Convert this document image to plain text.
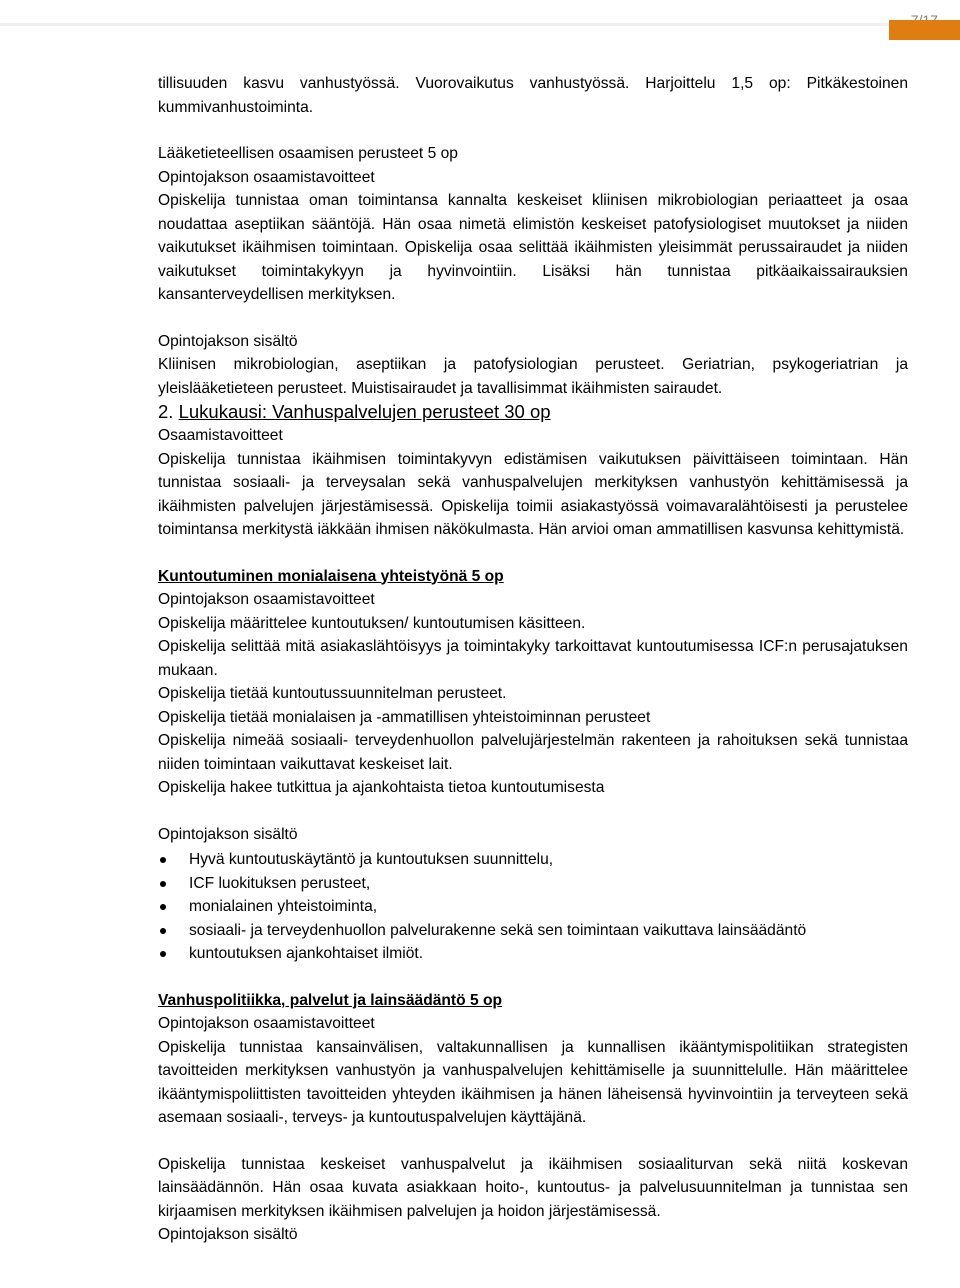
tillisuuden kasvu vanhustyössä. Vuorovaikutus vanhustyössä. Harjoittelu 1,5 op: Pitkäkestoinen kummivanhustoiminta.

Lääketieteellisen osaamisen perusteet 5 op

Opintojakson osaamistavoitteet

Opiskelija tunnistaa oman toimintansa kannalta keskeiset kliinisen mikrobiologian periaatteet ja osaa noudattaa aseptiikan sääntöjä. Hän osaa nimetä elimistön keskeiset patofysiologiset muutokset ja niiden vaikutukset ikäihmisen toimintaan. Opiskelija osaa selittää ikäihmisten yleisimmät perussairaudet ja niiden vaikutukset toimintakykyyn ja hyvinvointiin. Lisäksi hän tunnistaa pitkäaikaissairauksien kansanterveydellisen merkityksen.

Opintojakson sisältö

Kliinisen mikrobiologian, aseptiikan ja patofysiologian perusteet. Geriatrian, psykogeriatrian ja yleislääketieteen perusteet. Muistisairaudet ja tavallisimmat ikäihmisten sairaudet.

2. Lukukausi: Vanhuspalvelujen perusteet 30 op

Osaamistavoitteet

Opiskelija tunnistaa ikäihmisen toimintakyvyn edistämisen vaikutuksen päivittäiseen toimintaan. Hän tunnistaa sosiaali- ja terveysalan sekä vanhuspalvelujen merkityksen vanhustyön kehittämisessä ja ikäihmisten palvelujen järjestämisessä. Opiskelija toimii asiakastyössä voimavaralähtöisesti ja perustelee toimintansa merkitystä iäkkään ihmisen näkökulmasta. Hän arvioi oman ammatillisen kasvunsa kehittymistä.

Kuntoutuminen monialaisena yhteistyönä 5 op

Opintojakson osaamistavoitteet

Opiskelija määrittelee kuntoutuksen/ kuntoutumisen käsitteen.

Opiskelija selittää mitä asiakaslähtöisyys ja toimintakyky tarkoittavat kuntoutumisessa ICF:n perusajatuksen mukaan.

Opiskelija tietää kuntoutussuunnitelman perusteet.

Opiskelija tietää monialaisen ja -ammatillisen yhteistoiminnan perusteet

Opiskelija nimeää sosiaali- terveydenhuollon palvelujärjestelmän rakenteen ja rahoituksen sekä tunnistaa niiden toimintaan vaikuttavat keskeiset lait.

Opiskelija hakee tutkittua ja ajankohtaista tietoa kuntoutumisesta

Opintojakson sisältö

Hyvä kuntoutuskäytäntö ja kuntoutuksen suunnittelu,
ICF luokituksen perusteet,
monialainen yhteistoiminta,
sosiaali- ja terveydenhuollon palvelurakenne sekä sen toimintaan vaikuttava lainsäädäntö
kuntoutuksen ajankohtaiset ilmiöt.

Vanhuspolitiikka, palvelut ja lainsäädäntö 5 op

Opintojakson osaamistavoitteet

Opiskelija tunnistaa kansainvälisen, valtakunnallisen ja kunnallisen ikääntymispolitiikan strategisten tavoitteiden merkityksen vanhustyön ja vanhuspalvelujen kehittämiselle ja suunnittelulle. Hän määrittelee ikääntymispoliittisten tavoitteiden yhteyden ikäihmisen ja hänen läheisensä hyvinvointiin ja terveyteen sekä asemaan sosiaali-, terveys- ja kuntoutuspalvelujen käyttäjänä.

Opiskelija tunnistaa keskeiset vanhuspalvelut ja ikäihmisen sosiaaliturvan sekä niitä koskevan lainsäädännön. Hän osaa kuvata asiakkaan hoito-, kuntoutus- ja palvelusuunnitelman ja tunnistaa sen kirjaamisen merkityksen ikäihmisen palvelujen ja hoidon järjestämisessä.

Opintojakson sisältö
